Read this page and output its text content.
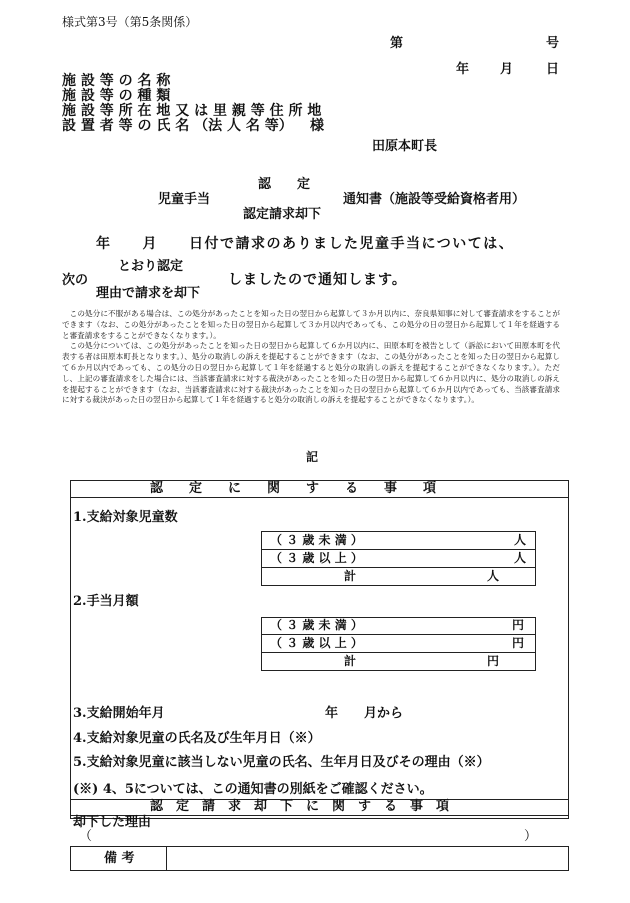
様式第3号（第5条関係）
第	号
年 月	日
施 設 等 の 名 称
施 設 等 の 種 類
施 設 等 所 在 地 又 は 里 親 等 住 所 地
設 置 者 等 の 氏 名 （法 人 名 等） 様
田原本町長
認　　定
児童手当	通知書（施設等受給資格者用）
認定請求却下
年　　月　　日付で請求のありました児童手当については、
とおり認定
次の	しましたので通知します。
理由で請求を却下

　この処分に不服がある場合は、この処分があったことを知った日の翌日から起算して３か月以内に、奈良県知事に対して審査請求をすることができます（なお、この処分があったことを知った日の翌日から起算して３か月以内であっても、この処分の日の翌日から起算して１年を経過すると審査請求をすることができなくなります。）。

　この処分については、この処分があったことを知った日の翌日から起算して６か月以内に、田原本町を被告として（訴訟において田原本町を代表する者は田原本町長となります。）、処分の取消しの訴えを提起することができます（なお、この処分があったことを知った日の翌日から起算して６か月以内であっても、この処分の日の翌日から起算して１年を経過すると処分の取消しの訴えを提起することができなくなります。）。ただし、上記の審査請求をした場合には、当該審査請求に対する裁決があったことを知った日の翌日から起算して６か月以内に、処分の取消しの訴えを提起することができます（なお、当該審査請求に対する裁決があったことを知った日の翌日から起算して６か月以内であっても、当該審査請求に対する裁決があった日の翌日から起算して１年を経過すると処分の取消しの訴えを提起することができなくなります。）。

記
認　　定　　に　　関　　す　　る　　事　　項
1.支給対象児童数
（ ３ 歳 未 満 ）	人
（ ３ 歳 以 上 ）	人
計	人
2.手当月額
（ ３ 歳 未 満 ）	円
（ ３ 歳 以 上 ）	円
計	円
3.支給開始年月	年　　月から
4.支給対象児童の氏名及び生年月日（※）
5.支給対象児童に該当しない児童の氏名、生年月日及びその理由（※）
(※) 4、5については、この通知書の別紙をご確認ください。
認　定　請　求　却　下　に　関　す　る　事　項
却下した理由
（	）
備 考
